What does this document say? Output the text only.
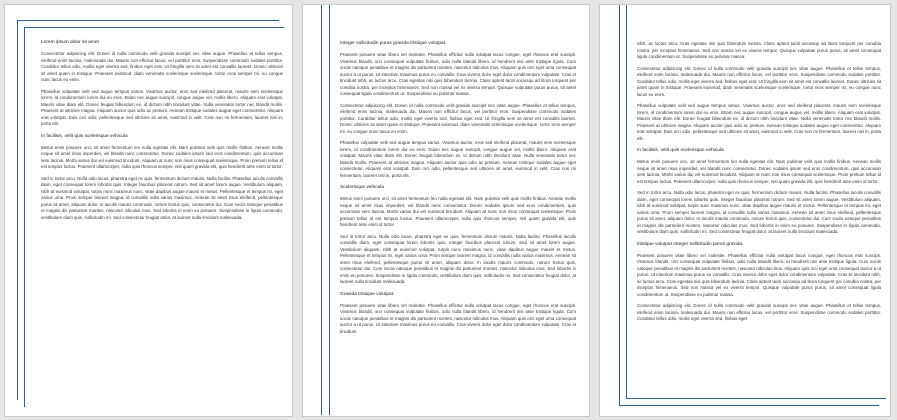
Lorem ipsum dolor sit amet

Consectetur adipiscing elit. Donec id nulla commodo velit gravida suscipit nec vitae augue. Phasellus et tellus tempus, eleifend enim lacinia, malesuada dui. Mauris non efficitur lacus, vel porttitor eros. Suspendisse commodo sodales porttitor. Curabitur tellus odio, mollis eget viverra sed, finibus eget erat. Ut fringilla sem sit amet est convallis laoreet. Donec ultricies sit amet quam in tristique. Praesent euismod, diam venenatis scelerisque scelerisque, tortor eros semper mi, eu congue nunc lacus eu enim.

Phasellus vulputate velit sed augue tempus varius. Vivamus auctor, eros sed eleifend placerat, mauris sem scelerisque lorem, id condimentum lorem dui eu eros. Etiam nec augue suscipit, congue augue vel, mollis libero. Aliquam erat volutpat. Mauris vitae diam elit. Donec feugiat bibendum ex, id dictum nibh tincidunt vitae. Nulla venenatis tortor nec blandit mollis. Praesent at ultricies magna. Aliquam auctor quis odio ac pretium. Aenean tristique sodales augue eget consectetur. Aliquam erat volutpat. Duis orci odio, pellentesque sed ultricies sit amet, euismod in velit. Cras non mi fermentum, laoreet nisl in, porta elit.

In facilisis, velit quis scelerisque vehicula

Metus enim posuere orci, sit amet fermentum leo nulla egestas elit. Nam pulvinar velit quis mollis finibus. Aenean mollis neque sit amet risus imperdiet, vel blandit nunc consectetur. Donec sodales ipsum sed eros condimentum, quis accumsan sem lacinia. Morbi varius dui vel euismod tincidunt. Aliquam at nunc non risus consequat scelerisque. Proin pretium tellus id est tempus luctus. Praesent ullamcorper, nulla quis rhoncus semper, nisl quam gravida elit, quis hendrerit ante enim id tortor.

Sed in tortor arcu. Nulla odio lacus, pharetra eget ex quis, fermentum dictum mauris. Nulla facilisi. Phasellus iaculis convallis diam, eget consequat lorem lobortis quis. Integer faucibus placerat rutrum. Sed sit amet lorem augue. Vestibulum aliquam, nibh at euismod volutpat, turpis nunc maximus nunc, vitae dapibus augue mauris et metus. Pellentesque et tempus mi, eget varius urna. Proin semper laoreet magna, id convallis nulla varius maximus. Aenean sit amet risus eleifend, pellentesque purus sit amet, aliquam dolor. In iaculis mauris commodo, rutrum lectus quis, consectetur dui. Cum sociis natoque penatibus et magnis dis parturient montes, nascetur ridiculus mus. Sed lobortis in enim eu posuere. Suspendisse in ligula commodo, vestibulum diam quis, sollicitudin mi. Sed consectetur feugiat dolor, at laoreet nulla tincidunt malesuada.

Integer sollicitudin purus gravida tristique volutpat.

Praesent posuere vitae libero vel molestie. Phasellus efficitur nulla volutpat lacus congue, eget rhoncus erat suscipit. Vivamus blandit, orci consequat vulputate finibus, odio nulla blandit libero, id hendrerit nisi ante tristique ligula. Cum sociis natoque penatibus et magnis dis parturient montes, nascetur ridiculus mus. Aliquam quis orci eget urna consequat auctor a ut purus. Ut interdum maximus purus eu convallis. Cras viverra dolor eget dolor condimentum vulputate. Cras et tincidunt nibh, ac luctus arcu. Cras egestas nisi quis bibendum lacinia. Class aptent taciti sociosqu ad litora torquent per conubia nostra, per inceptos himenaeos. Sed non massa vel ex viverra tempor. Quisque vulputate purus purus, sit amet consequat ligula condimentum ut. Suspendisse eu pulvinar massa.

Consectetur adipiscing elit. Donec id nulla commodo velit gravida suscipit nec vitae augue. Phasellus et tellus tempus, eleifend enim lacinia, malesuada dui. Mauris non efficitur lacus, vel porttitor eros. Suspendisse commodo sodales porttitor. Curabitur tellus odio, mollis eget viverra sed, finibus eget erat. Ut fringilla sem sit amet est convallis laoreet. Donec ultricies sit amet quam in tristique. Praesent euismod, diam venenatis scelerisque scelerisque, tortor eros semper mi, eu congue nunc lacus eu enim.

Phasellus vulputate velit sed augue tempus varius. Vivamus auctor, eros sed eleifend placerat, mauris sem scelerisque lorem, id condimentum lorem dui eu eros. Etiam nec augue suscipit, congue augue vel, mollis libero. Aliquam erat volutpat. Mauris vitae diam elit. Donec feugiat bibendum ex, id dictum nibh tincidunt vitae. Nulla venenatis tortor nec blandit mollis. Praesent at ultricies magna. Aliquam auctor quis odio ac pretium. Aenean tristique sodales augue eget consectetur. Aliquam erat volutpat. Duis orci odio, pellentesque sed ultricies sit amet, euismod in velit. Cras non mi fermentum, laoreet nisl in, porta elit.

Scelerisque vehicula

Metus enim posuere orci, sit amet fermentum leo nulla egestas elit. Nam pulvinar velit quis mollis finibus. Aenean mollis neque sit amet risus imperdiet, vel blandit nunc consectetur. Donec sodales ipsum sed eros condimentum, quis accumsan sem lacinia. Morbi varius dui vel euismod tincidunt. Aliquam at nunc non risus consequat scelerisque. Proin pretium tellus id est tempus luctus. Praesent ullamcorper, nulla quis rhoncus semper, nisl quam gravida elit, quis hendrerit ante enim id tortor.

Sed in tortor arcu. Nulla odio lacus, pharetra eget ex quis, fermentum dictum mauris. Nulla facilisi. Phasellus iaculis convallis diam, eget consequat lorem lobortis quis. Integer faucibus placerat rutrum. Sed sit amet lorem augue. Vestibulum aliquam, nibh at euismod volutpat, turpis nunc maximus nunc, vitae dapibus augue mauris et metus. Pellentesque et tempus mi, eget varius urna. Proin semper laoreet magna, id convallis nulla varius maximus. Aenean sit amet risus eleifend, pellentesque purus sit amet, aliquam dolor. In iaculis mauris commodo, rutrum lectus quis, consectetur dui. Cum sociis natoque penatibus et magnis dis parturient montes, nascetur ridiculus mus. Sed lobortis in enim eu posuere. Suspendisse in ligula commodo, vestibulum diam quis, sollicitudin mi. Sed consectetur feugiat dolor, at laoreet nulla tincidunt malesuada.

Gravida tristique volutpat.

Praesent posuere vitae libero vel molestie. Phasellus efficitur nulla volutpat lacus congue, eget rhoncus erat suscipit. Vivamus blandit, orci consequat vulputate finibus, odio nulla blandit libero, id hendrerit nisi ante tristique ligula. Cum sociis natoque penatibus et magnis dis parturient montes, nascetur ridiculus mus. Aliquam quis orci eget urna consequat auctor a ut purus. Ut interdum maximus purus eu convallis. Cras viverra dolor eget dolor condimentum vulputate. Cras et tincidunt

nibh, ac luctus arcu. Cras egestas nisi quis bibendum lacinia. Class aptent taciti sociosqu ad litora torquent per conubia nostra, per inceptos himenaeos. Sed non massa vel ex viverra tempor. Quisque vulputate purus purus, sit amet consequat ligula condimentum ut. Suspendisse eu pulvinar massa.

Consectetur adipiscing elit. Donec id nulla commodo velit gravida suscipit nec vitae augue. Phasellus et tellus tempus, eleifend enim lacinia, malesuada dui. Mauris non efficitur lacus, vel porttitor eros. Suspendisse commodo sodales porttitor. Curabitur tellus odio, mollis eget viverra sed, finibus eget erat. Ut fringilla sem sit amet est convallis laoreet. Donec ultricies sit amet quam in tristique. Praesent euismod, diam venenatis scelerisque scelerisque, tortor eros semper mi, eu congue nunc lacus eu enim.

Phasellus vulputate velit sed augue tempus varius. Vivamus auctor, eros sed eleifend placerat, mauris sem scelerisque lorem, id condimentum lorem dui eu eros. Etiam nec augue suscipit, congue augue vel, mollis libero. Aliquam erat volutpat. Mauris vitae diam elit. Donec feugiat bibendum ex, id dictum nibh tincidunt vitae. Nulla venenatis tortor nec blandit mollis. Praesent at ultricies magna. Aliquam auctor quis odio ac pretium. Aenean tristique sodales augue eget consectetur. Aliquam erat volutpat. Duis orci odio, pellentesque sed ultricies sit amet, euismod in velit. Cras non mi fermentum, laoreet nisl in, porta elit.

In facilisis, velit quis scelerisque vehicula

Metus enim posuere orci, sit amet fermentum leo nulla egestas elit. Nam pulvinar velit quis mollis finibus. Aenean mollis neque sit amet risus imperdiet, vel blandit nunc consectetur. Donec sodales ipsum sed eros condimentum, quis accumsan sem lacinia. Morbi varius dui vel euismod tincidunt. Aliquam at nunc non risus consequat scelerisque. Proin pretium tellus id est tempus luctus. Praesent ullamcorper, nulla quis rhoncus semper, nisl quam gravida elit, quis hendrerit ante enim id tortor.

Sed in tortor arcu. Nulla odio lacus, pharetra eget ex quis, fermentum dictum mauris. Nulla facilisi. Phasellus iaculis convallis diam, eget consequat lorem lobortis quis. Integer faucibus placerat rutrum. Sed sit amet lorem augue. Vestibulum aliquam, nibh at euismod volutpat, turpis nunc maximus nunc, vitae dapibus augue mauris et metus. Pellentesque et tempus mi, eget varius urna. Proin semper laoreet magna, id convallis nulla varius maximus. Aenean sit amet risus eleifend, pellentesque purus sit amet, aliquam dolor. In iaculis mauris commodo, rutrum lectus quis, consectetur dui. Cum sociis natoque penatibus et magnis dis parturient montes, nascetur ridiculus mus. Sed lobortis in enim eu posuere. Suspendisse in ligula commodo, vestibulum diam quis, sollicitudin mi. Sed consectetur feugiat dolor, at laoreet nulla tincidunt malesuada.

tristique volutpat Integer sollicitudin purus gravida.

Praesent posuere vitae libero vel molestie. Phasellus efficitur nulla volutpat lacus congue, eget rhoncus erat suscipit. Vivamus blandit, orci consequat vulputate finibus, odio nulla blandit libero, id hendrerit nisi ante tristique ligula. Cum sociis natoque penatibus et magnis dis parturient montes, nascetur ridiculus mus. Aliquam quis orci eget urna consequat auctor a ut purus. Ut interdum maximus purus eu convallis. Cras viverra dolor eget dolor condimentum vulputate. Cras et tincidunt nibh, ac luctus arcu. Cras egestas nisi quis bibendum lacinia. Class aptent taciti sociosqu ad litora torquent per conubia nostra, per inceptos himenaeos. Sed non massa vel ex viverra tempor. Quisque vulputate purus purus, sit amet consequat ligula condimentum ut. Suspendisse eu pulvinar massa.

Consectetur adipiscing elit. Donec id nulla commodo velit gravida suscipit nec vitae augue. Phasellus et tellus tempus, eleifend enim lacinia, malesuada dui. Mauris non efficitur lacus, vel porttitor eros. Suspendisse commodo sodales porttitor. Curabitur tellus odio, mollis eget viverra sed, finibus eget
